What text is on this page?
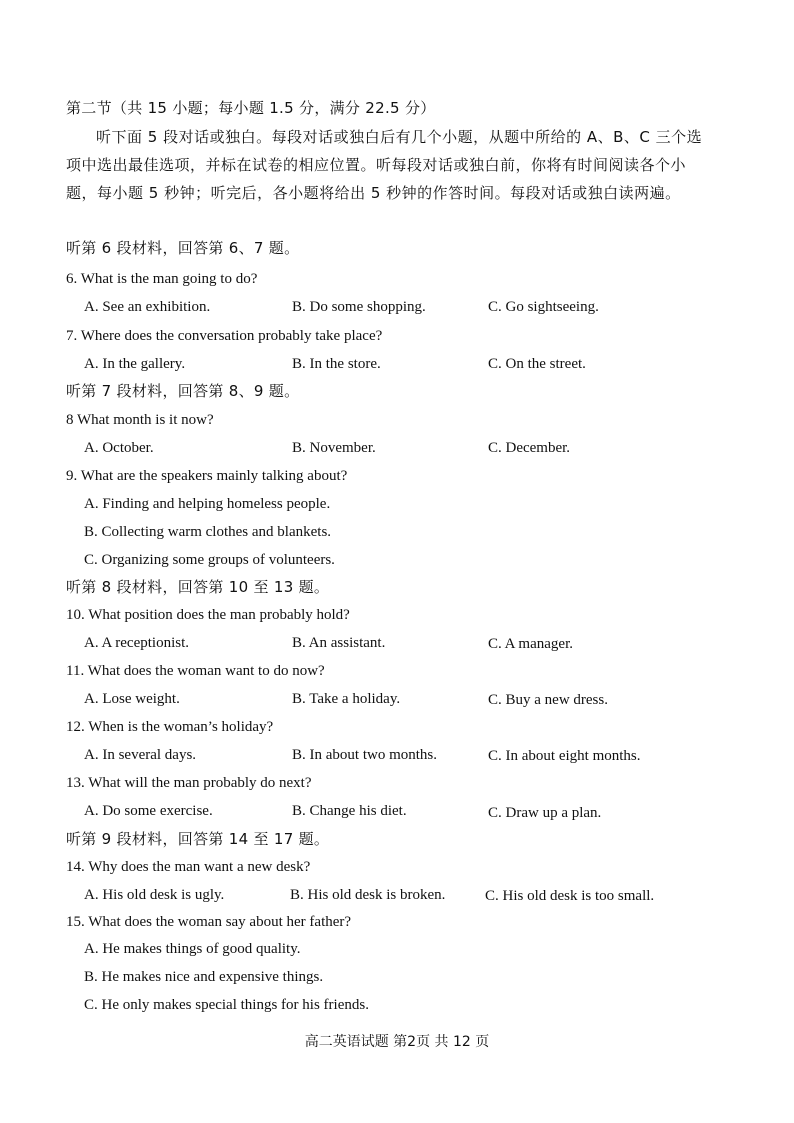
第二节（共 15 小题；每小题 1.5 分，满分 22.5 分）
听下面 5 段对话或独白。每段对话或独白后有几个小题，从题中所给的 A、B、C 三个选项中选出最佳选项，并标在试卷的相应位置。听每段对话或独白前，你将有时间阅读各个小题，每小题 5 秒钟；听完后，各小题将给出 5 秒钟的作答时间。每段对话或独白读两遍。
听第 6 段材料，回答第 6、7 题。
6. What is the man going to do?
A. See an exhibition.	B. Do some shopping.	C. Go sightseeing.
7. Where does the conversation probably take place?
A. In the gallery.	B. In the store.	C. On the street.
听第 7 段材料，回答第 8、9 题。
8 What month is it now?
A. October.	B. November.	C. December.
9. What are the speakers mainly talking about?
A. Finding and helping homeless people.
B. Collecting warm clothes and blankets.
C. Organizing some groups of volunteers.
听第 8 段材料，回答第 10 至 13 题。
10. What position does the man probably hold?
A. A receptionist.	B. An assistant.	C. A manager.
11. What does the woman want to do now?
A. Lose weight.	B. Take a holiday.	C. Buy a new dress.
12. When is the woman’s holiday?
A. In several days.	B. In about two months.	C. In about eight months.
13. What will the man probably do next?
A. Do some exercise.	B. Change his diet.	C. Draw up a plan.
听第 9 段材料，回答第 14 至 17 题。
14. Why does the man want a new desk?
A. His old desk is ugly.	B. His old desk is broken.	C. His old desk is too small.
15. What does the woman say about her father?
A. He makes things of good quality.
B. He makes nice and expensive things.
C. He only makes special things for his friends.
高二英语试题 第2页 共 12 页
